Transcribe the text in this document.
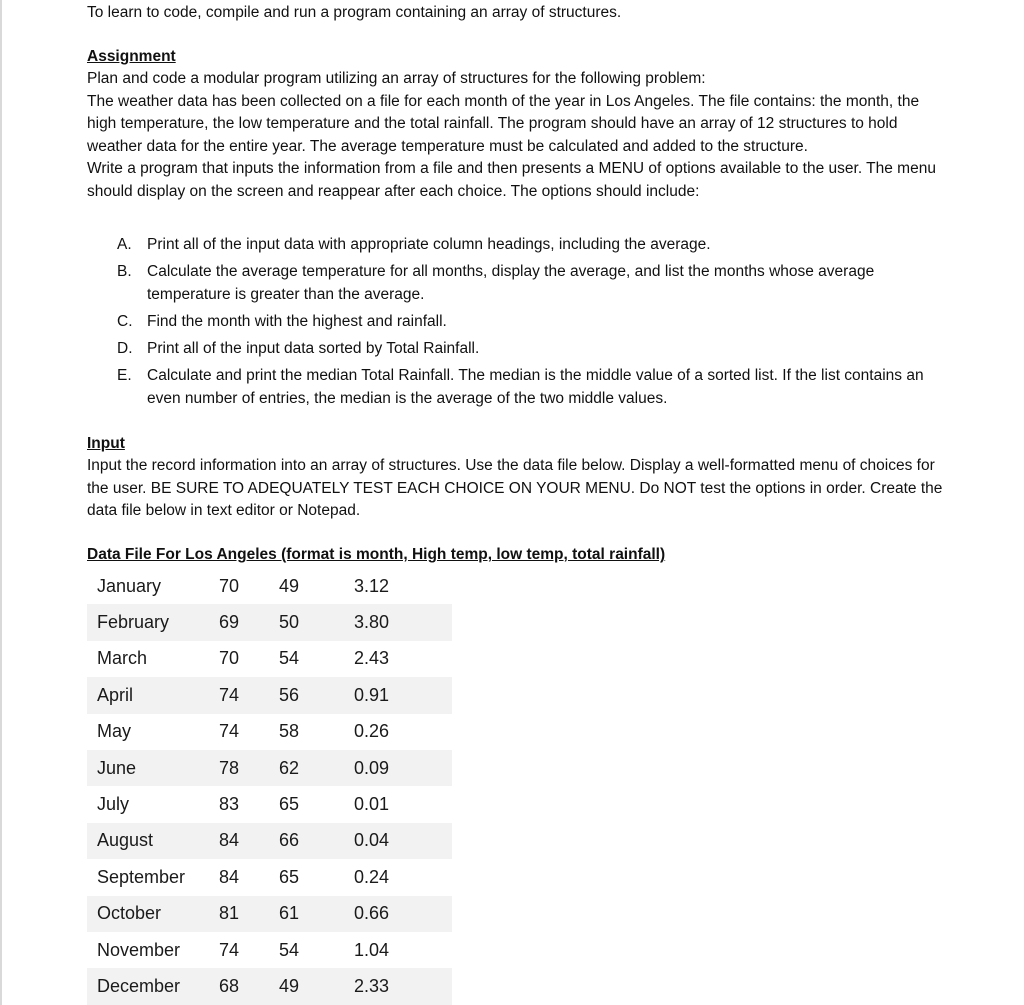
To learn to code, compile and run a program containing an array of structures.

Assignment

Plan and code a modular program utilizing an array of structures for the following problem:

The weather data has been collected on a file for each month of the year in Los Angeles. The file contains: the month, the high temperature, the low temperature and the total rainfall. The program should have an array of 12 structures to hold weather data for the entire year. The average temperature must be calculated and added to the structure.

Write a program that inputs the information from a file and then presents a MENU of options available to the user. The menu should display on the screen and reappear after each choice. The options should include:

A. Print all of the input data with appropriate column headings, including the average.
B. Calculate the average temperature for all months, display the average, and list the months whose average temperature is greater than the average.
C. Find the month with the highest and rainfall.
D. Print all of the input data sorted by Total Rainfall.
E. Calculate and print the median Total Rainfall. The median is the middle value of a sorted list. If the list contains an even number of entries, the median is the average of the two middle values.

Input

Input the record information into an array of structures. Use the data file below. Display a well-formatted menu of choices for the user. BE SURE TO ADEQUATELY TEST EACH CHOICE ON YOUR MENU. Do NOT test the options in order. Create the data file below in text editor or Notepad.

Data File For Los Angeles (format is month, High temp, low temp, total rainfall)
January	70	49	3.12
February	69	50	3.80
March	70	54	2.43
April	74	56	0.91
May	74	58	0.26
June	78	62	0.09
July	83	65	0.01
August	84	66	0.04
September	84	65	0.24
October	81	61	0.66
November	74	54	1.04
December	68	49	2.33
